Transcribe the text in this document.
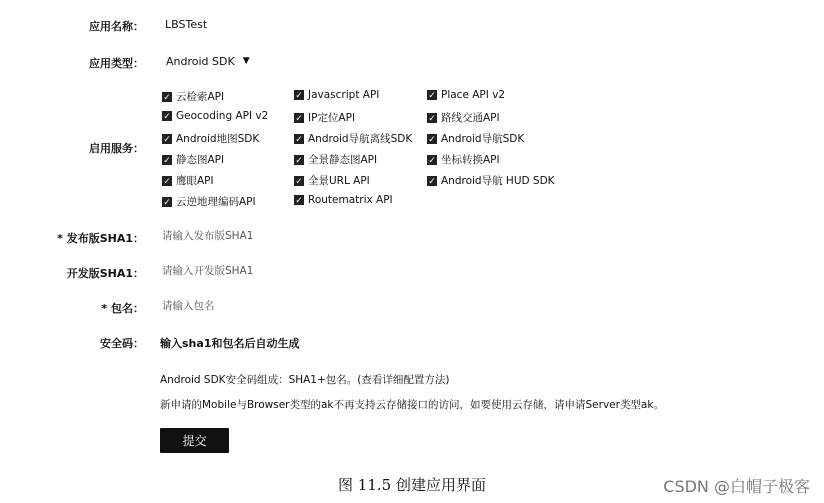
应用名称： LBSTest
应用类型： Android SDK ▼
启用服务：
✓ 云检索API	✓ Javascript API	✓ Place API v2
✓ Geocoding API v2	✓ IP定位API	✓ 路线交通API
✓ Android地图SDK	✓ Android导航离线SDK ✓ Android导航SDK
✓ 静态图API	✓ 全景静态图API	✓ 坐标转换API
✓ 鹰眼API	✓ 全景URL API	✓ Android导航 HUD SDK
✓ 云逆地理编码API	✓ Routematrix API
* 发布版SHA1：
请输入发布版SHA1
开发版SHA1：
请输入开发版SHA1
* 包名：
请输入包名
安全码： 输入sha1和包名后自动生成
Android SDK安全码组成：SHA1+包名。(查看详细配置方法)
新申请的Mobile与Browser类型的ak不再支持云存储接口的访问，如要使用云存储，请申请Server类型ak。
提交
图 11.5 创建应用界面	CSDN @白帽子极客
